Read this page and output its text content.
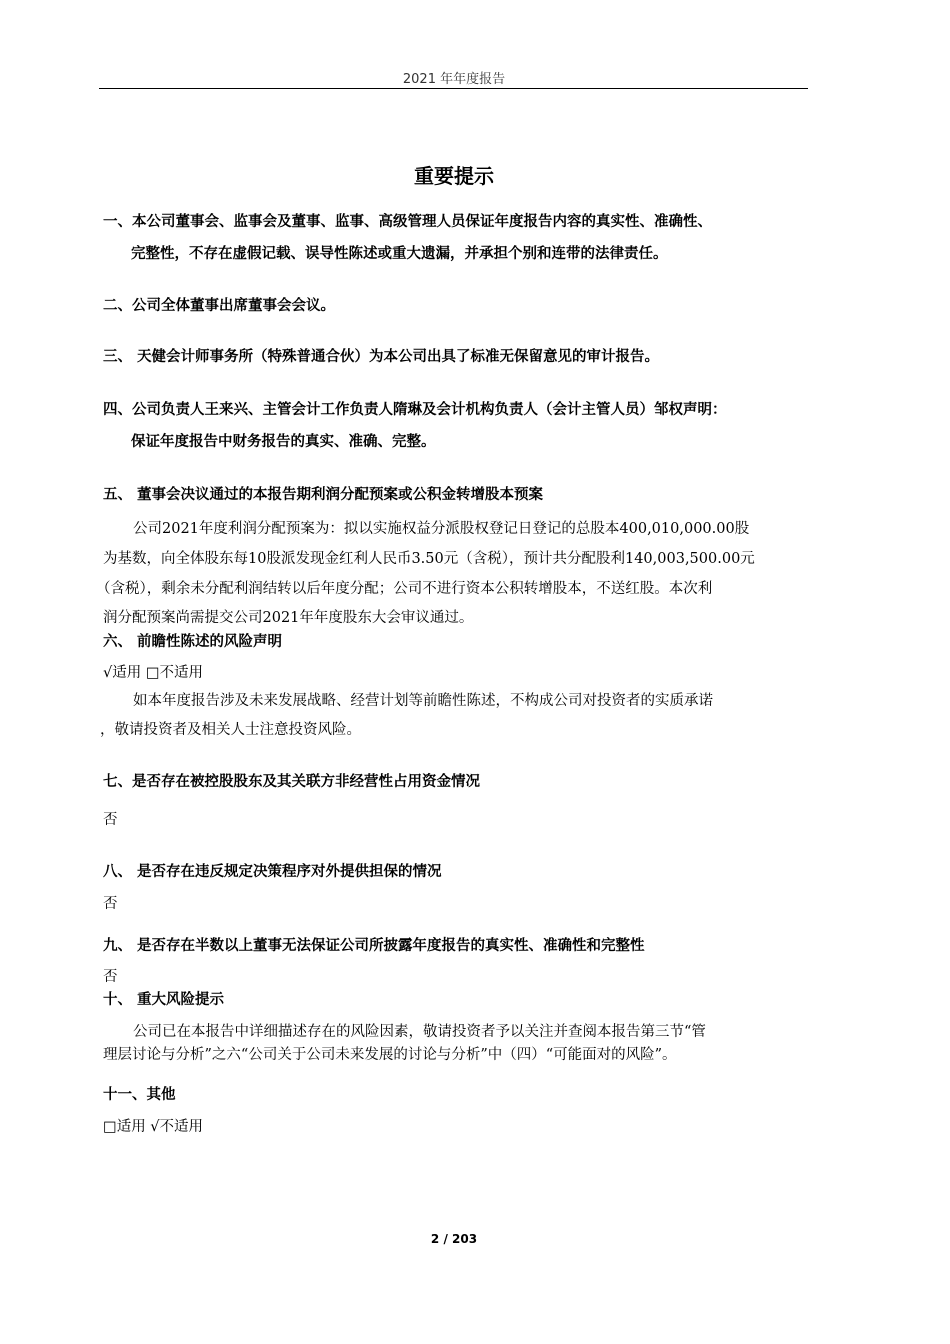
2021 年年度报告
重要提示
一、本公司董事会、监事会及董事、监事、高级管理人员保证年度报告内容的真实性、准确性、
完整性，不存在虚假记载、误导性陈述或重大遗漏，并承担个别和连带的法律责任。
二、公司全体董事出席董事会会议。
三、 天健会计师事务所（特殊普通合伙）为本公司出具了标准无保留意见的审计报告。
四、公司负责人王来兴、主管会计工作负责人隋琳及会计机构负责人（会计主管人员）邹权声明：
保证年度报告中财务报告的真实、准确、完整。
五、 董事会决议通过的本报告期利润分配预案或公积金转增股本预案
公司2021年度利润分配预案为：拟以实施权益分派股权登记日登记的总股本400,010,000.00股
为基数，向全体股东每10股派发现金红利人民币3.50元（含税），预计共分配股利140,003,500.00元
（含税），剩余未分配利润结转以后年度分配；公司不进行资本公积转增股本，不送红股。本次利
润分配预案尚需提交公司2021年年度股东大会审议通过。
六、 前瞻性陈述的风险声明
√适用 □不适用
如本年度报告涉及未来发展战略、经营计划等前瞻性陈述，不构成公司对投资者的实质承诺
，敬请投资者及相关人士注意投资风险。
七、是否存在被控股股东及其关联方非经营性占用资金情况
否
八、 是否存在违反规定决策程序对外提供担保的情况
否
九、 是否存在半数以上董事无法保证公司所披露年度报告的真实性、准确性和完整性
否
十、 重大风险提示
公司已在本报告中详细描述存在的风险因素，敬请投资者予以关注并查阅本报告第三节“管
理层讨论与分析”之六“公司关于公司未来发展的讨论与分析”中（四）“可能面对的风险”。
十一、其他
□适用 √不适用
2 / 203
